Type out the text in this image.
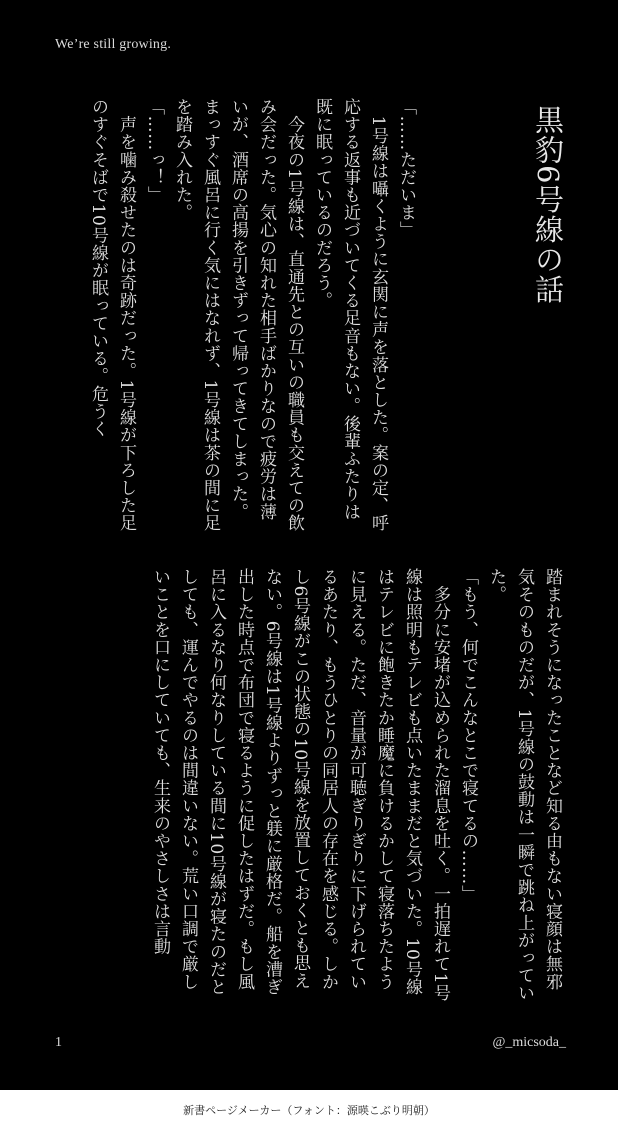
We’re still growing.
黒豹6号線の話

「……ただいま」

　1号線は囁くように玄関に声を落とした。案の定、呼応する返事も近づいてくる足音もない。後輩ふたりは既に眠っているのだろう。

　今夜の1号線は、直通先との互いの職員も交えての飲み会だった。気心の知れた相手ばかりなので疲労は薄いが、酒席の高揚を引きずって帰ってきてしまった。まっすぐ風呂に行く気にはなれず、1号線は茶の間に足を踏み入れた。

「……っ！」

　声を噛み殺せたのは奇跡だった。1号線が下ろした足のすぐそばで10号線が眠っている。危うく

踏まれそうになったことなど知る由もない寝顔は無邪気そのものだが、1号線の鼓動は一瞬で跳ね上がっていた。

「もう、何でこんなとこで寝てるの……」

　多分に安堵が込められた溜息を吐く。一拍遅れて1号線は照明もテレビも点いたままだと気づいた。10号線はテレビに飽きたか睡魔に負けるかして寝落ちたように見える。ただ、音量が可聴ぎりぎりに下げられているあたり、もうひとりの同居人の存在を感じる。しかし6号線がこの状態の10号線を放置しておくとも思えない。6号線は1号線よりずっと躾に厳格だ。船を漕ぎ出した時点で布団で寝るように促したはずだ。もし風呂に入るなり何なりしている間に10号線が寝たのだとしても、運んでやるのは間違いない。荒い口調で厳しいことを口にしていても、生来のやさしさは言動

1	@_micsoda_
新書ページメーカー（フォント：源暎こぶり明朝）
